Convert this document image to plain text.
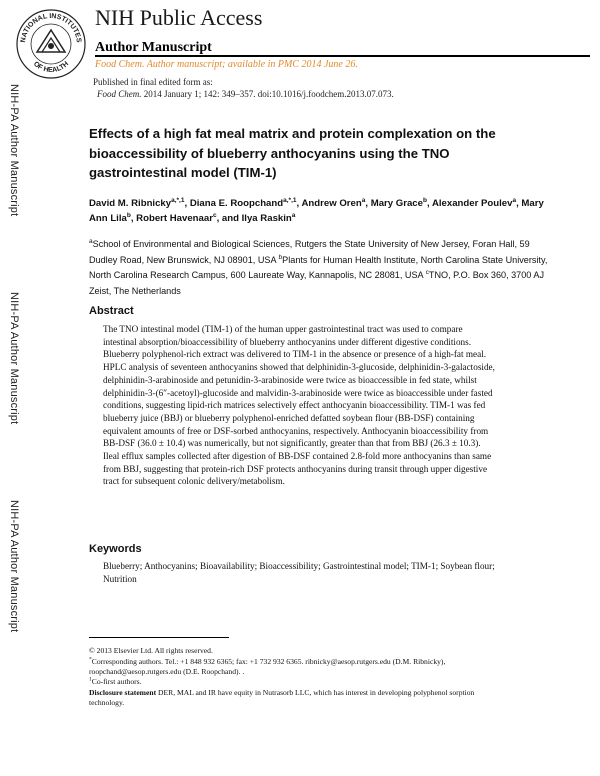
NATIONAL INSTITUTES
OF HEALTH
NIH Public Access
Author Manuscript
Food Chem. Author manuscript; available in PMC 2014 June 26.
Published in final edited form as:
Food Chem. 2014 January 1; 142: 349–357. doi:10.1016/j.foodchem.2013.07.073.
NIH-PA Author Manuscript
NIH-PA Author Manuscript
NIH-PA Author Manuscript
Effects of a high fat meal matrix and protein complexation on the bioaccessibility of blueberry anthocyanins using the TNO gastrointestinal model (TIM-1)
David M. Ribnicky$^{a,*,1}$, Diana E. Roopchand$^{a,*,1}$, Andrew Oren$^a$, Mary Grace$^b$, Alexander Poulev$^a$, Mary Ann Lila$^b$, Robert Havenaar$^c$, and Ilya Raskin$^a$
$^a$School of Environmental and Biological Sciences, Rutgers the State University of New Jersey, Foran Hall, 59 Dudley Road, New Brunswick, NJ 08901, USA $^b$Plants for Human Health Institute, North Carolina State University, North Carolina Research Campus, 600 Laureate Way, Kannapolis, NC 28081, USA $^c$TNO, P.O. Box 360, 3700 AJ Zeist, The Netherlands
Abstract
The TNO intestinal model (TIM-1) of the human upper gastrointestinal tract was used to compare intestinal absorption/bioaccessibility of blueberry anthocyanins under different digestive conditions. Blueberry polyphenol-rich extract was delivered to TIM-1 in the absence or presence of a high-fat meal. HPLC analysis of seventeen anthocyanins showed that delphinidin-3-glucoside, delphinidin-3-galactoside, delphinidin-3-arabinoside and petunidin-3-arabinoside were twice as bioaccessible in fed state, whilst delphinidin-3-(6″-acetoyl)-glucoside and malvidin-3-arabinoside were twice as bioaccessible under fasted conditions, suggesting lipid-rich matrices selectively effect anthocyanin bioaccessibility. TIM-1 was fed blueberry juice (BBJ) or blueberry polyphenol-enriched defatted soybean flour (BB-DSF) containing equivalent amounts of free or DSF-sorbed anthocyanins, respectively. Anthocyanin bioaccessibility from BB-DSF (36.0 ± 10.4) was numerically, but not significantly, greater than that from BBJ (26.3 ± 10.3). Ileal efflux samples collected after digestion of BB-DSF contained 2.8-fold more anthocyanins than same from BBJ, suggesting that protein-rich DSF protects anthocyanins during transit through upper digestive tract for subsequent colonic delivery/metabolism.
Keywords
Blueberry; Anthocyanins; Bioavailability; Bioaccessibility; Gastrointestinal model; TIM-1; Soybean flour; Nutrition

© 2013 Elsevier Ltd. All rights reserved.

*Corresponding authors. Tel.: +1 848 932 6365; fax: +1 732 932 6365. ribnicky@aesop.rutgers.edu (D.M. Ribnicky), roopchand@aesop.rutgers.edu (D.E. Roopchand). .

$^1$Co-first authors.

Disclosure statement DER, MAL and IR have equity in Nutrasorb LLC, which has interest in developing polyphenol sorption technology.
